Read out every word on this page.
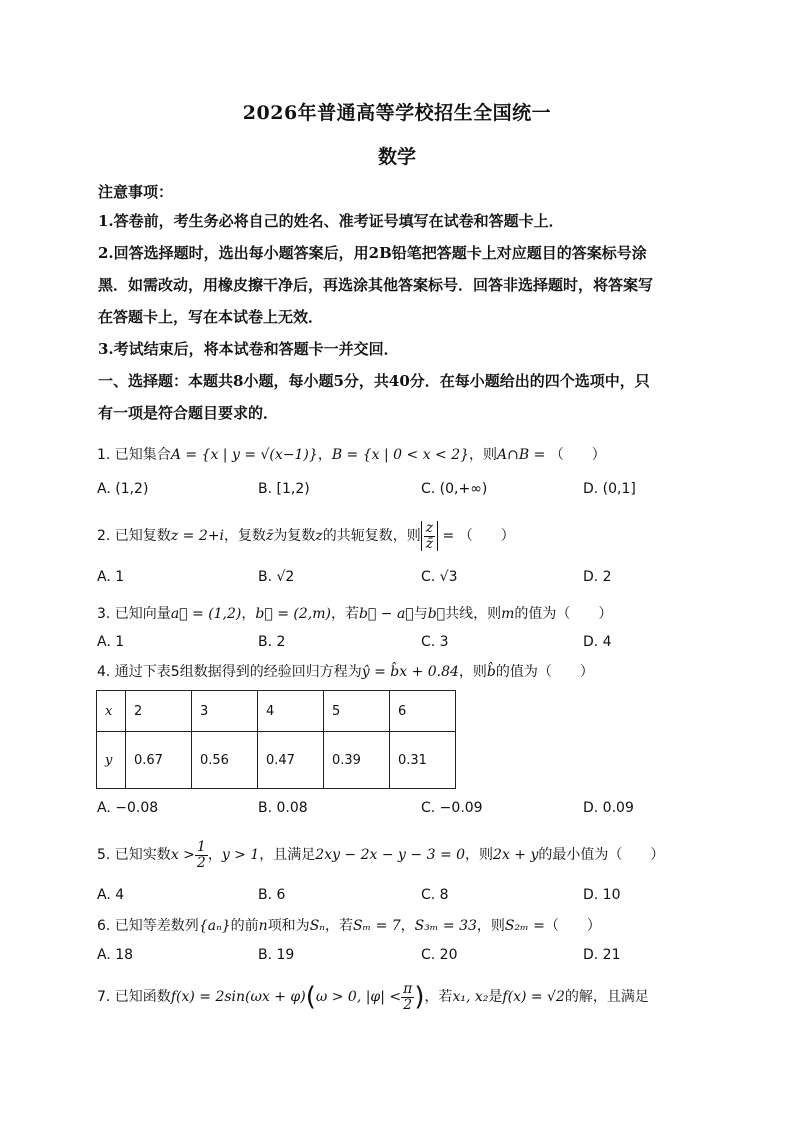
2026年普通高等学校招生全国统一
数学
注意事项：
1.答卷前，考生务必将自己的姓名、准考证号填写在试卷和答题卡上．
2.回答选择题时，选出每小题答案后，用2B铅笔把答题卡上对应题目的答案标号涂
黑．如需改动，用橡皮擦干净后，再选涂其他答案标号．回答非选择题时，将答案写
在答题卡上，写在本试卷上无效．
3.考试结束后，将本试卷和答题卡一并交回．
一、选择题：本题共8小题，每小题5分，共40分．在每小题给出的四个选项中，只
有一项是符合题目要求的．
1. 已知集合A = {x | y = √(x−1)}，B = {x | 0 < x < 2}，则A∩B = （　　）
A. (1,2)	B. [1,2)	C. (0,+∞)	D. (0,1]
2. 已知复数z = 2+i，复数z̄为复数z的共轭复数，则 $\frac{z}{z̄}$ = （　　）
A. 1	B. √2	C. √3	D. 2
3. 已知向量a⃗ = (1,2)，b⃗ = (2,m)，若b⃗ − a⃗与b⃗共线，则m的值为（　　）
A. 1	B. 2	C. 3	D. 4
4. 通过下表5组数据得到的经验回归方程为ŷ = b̂x + 0.84，则b̂的值为（　　）
x	2	3	4	5	6
y	0.67	0.56	0.47	0.39	0.31
A. −0.08	B. 0.08	C. −0.09	D. 0.09
5. 已知实数$x > \frac{1}{2}$ ，y > 1，且满足2xy − 2x − y − 3 = 0，则2x + y的最小值为（　　）
A. 4	B. 6	C. 8	D. 10
6. 已知等差数列{aₙ}的前n项和为Sₙ，若Sₘ = 7，S₃ₘ = 33，则S₂ₘ =（　　）
A. 18	B. 19	C. 20	D. 21
7. 已知函数f(x) = 2sin(ωx + φ)(ω > 0, $|\varphi| < \frac{\pi}{2}$ )，若x₁, x₂是f(x) = √2的解，且满足
